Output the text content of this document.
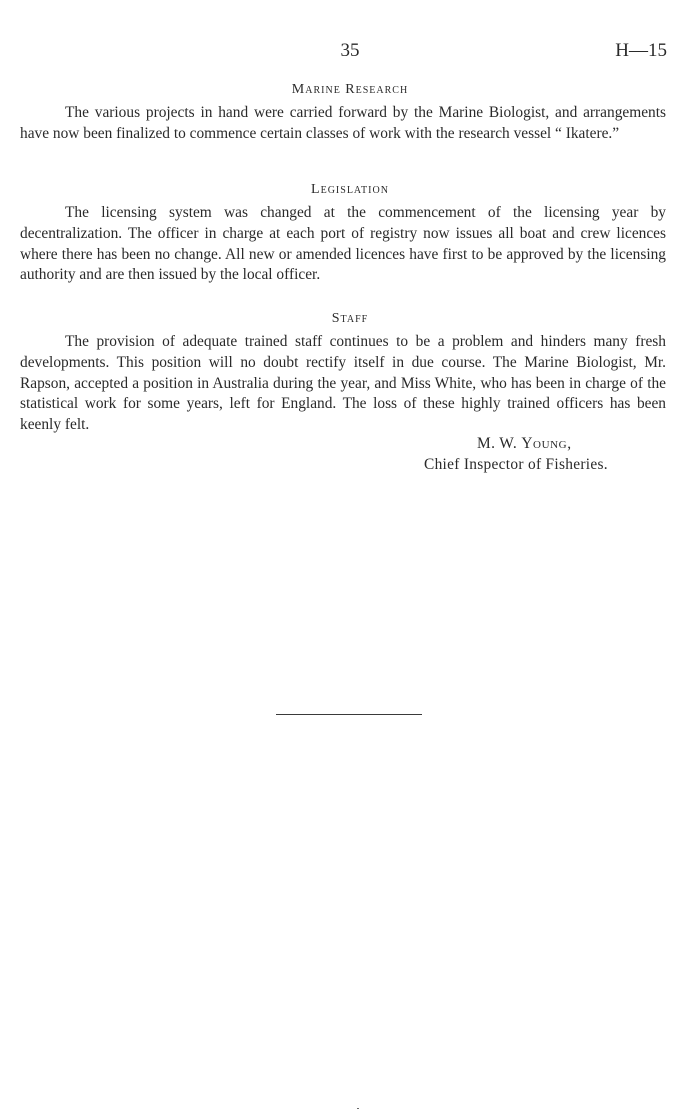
35	H—15
Marine Research

The various projects in hand were carried forward by the Marine Biologist, and arrangements have now been finalized to commence certain classes of work with the research vessel “ Ikatere.”

Legislation

The licensing system was changed at the commencement of the licensing year by decentralization. The officer in charge at each port of registry now issues all boat and crew licences where there has been no change. All new or amended licences have first to be approved by the licensing authority and are then issued by the local officer.

Staff

The provision of adequate trained staff continues to be a problem and hinders many fresh developments. This position will no doubt rectify itself in due course. The Marine Biologist, Mr. Rapson, accepted a position in Australia during the year, and Miss White, who has been in charge of the statistical work for some years, left for England. The loss of these highly trained officers has been keenly felt.

M. W. Young,
Chief Inspector of Fisheries.
